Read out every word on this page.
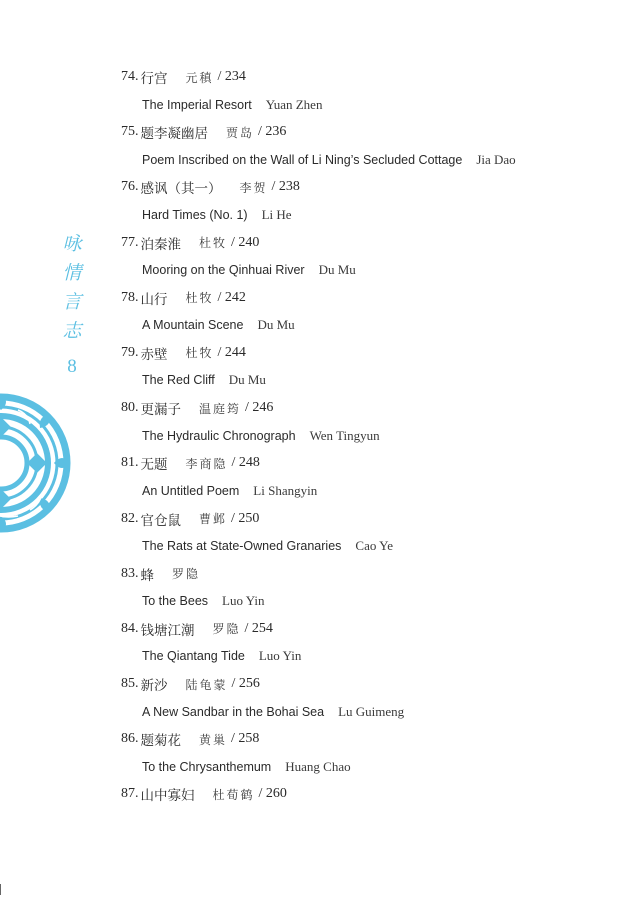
咏
情
言
志
8
74. 行宫 元稹 / 234
The Imperial Resort Yuan Zhen
75. 题李凝幽居 贾岛 / 236
Poem Inscribed on the Wall of Li Ning’s Secluded Cottage Jia Dao
76. 感讽（其一） 李贺 / 238
Hard Times (No. 1) Li He
77. 泊秦淮 杜牧 / 240
Mooring on the Qinhuai River Du Mu
78. 山行 杜牧 / 242
A Mountain Scene Du Mu
79. 赤壁 杜牧 / 244
The Red Cliff Du Mu
80. 更漏子 温庭筠 / 246
The Hydraulic Chronograph Wen Tingyun
81. 无题 李商隐 / 248
An Untitled Poem Li Shangyin
82. 官仓鼠 曹邺 / 250
The Rats at State-Owned Granaries Cao Ye
83. 蜂 罗隐
To the Bees Luo Yin
84. 钱塘江潮 罗隐 / 254
The Qiantang Tide Luo Yin
85. 新沙 陆龟蒙 / 256
A New Sandbar in the Bohai Sea Lu Guimeng
86. 题菊花 黄巢 / 258
To the Chrysanthemum Huang Chao
87. 山中寡妇 杜荀鹤 / 260
